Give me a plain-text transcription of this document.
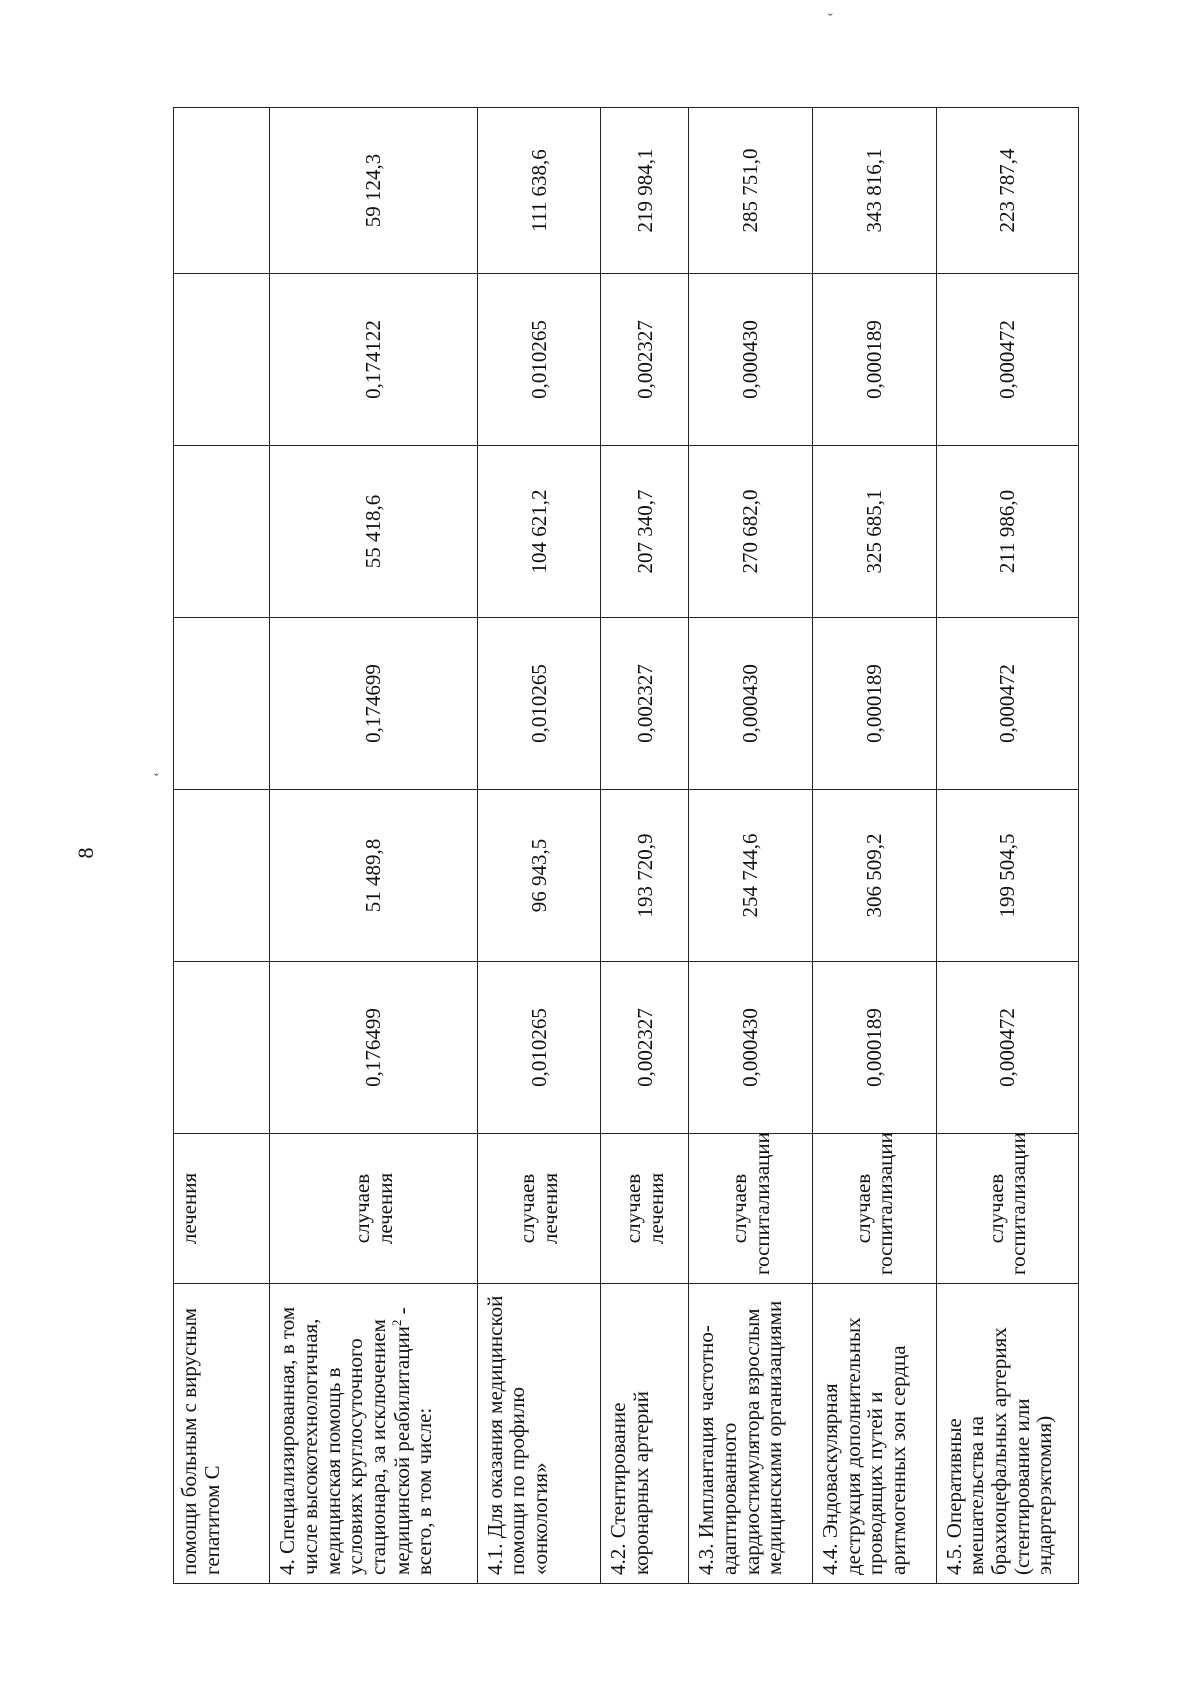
8
ˇ
ˇ
помощи больным с вирусным гепатитом С	лечения						
4. Специализированная, в том числе высокотехнологичная, медицинская помощь в условиях круглосуточного стационара, за исключением медицинской реабилитации$^2$ - всего, в том числе:	случаев лечения	0,176499	51 489,8	0,174699	55 418,6	0,174122	59 124,3
4.1. Для оказания медицинской помощи по профилю «онкология»	случаев лечения	0,010265	96 943,5	0,010265	104 621,2	0,010265	111 638,6
4.2. Стентирование коронарных артерий	случаев лечения	0,002327	193 720,9	0,002327	207 340,7	0,002327	219 984,1
4.3. Имплантация частотно-адаптированного кардиостимулятора взрослым медицинскими организациями	случаев госпитализации	0,000430	254 744,6	0,000430	270 682,0	0,000430	285 751,0
4.4. Эндоваскулярная деструкция дополнительных проводящих путей и аритмогенных зон сердца	случаев госпитализации	0,000189	306 509,2	0,000189	325 685,1	0,000189	343 816,1
4.5. Оперативные вмешательства на брахиоцефальных артериях (стентирование или эндартерэктомия)	случаев госпитализации	0,000472	199 504,5	0,000472	211 986,0	0,000472	223 787,4
